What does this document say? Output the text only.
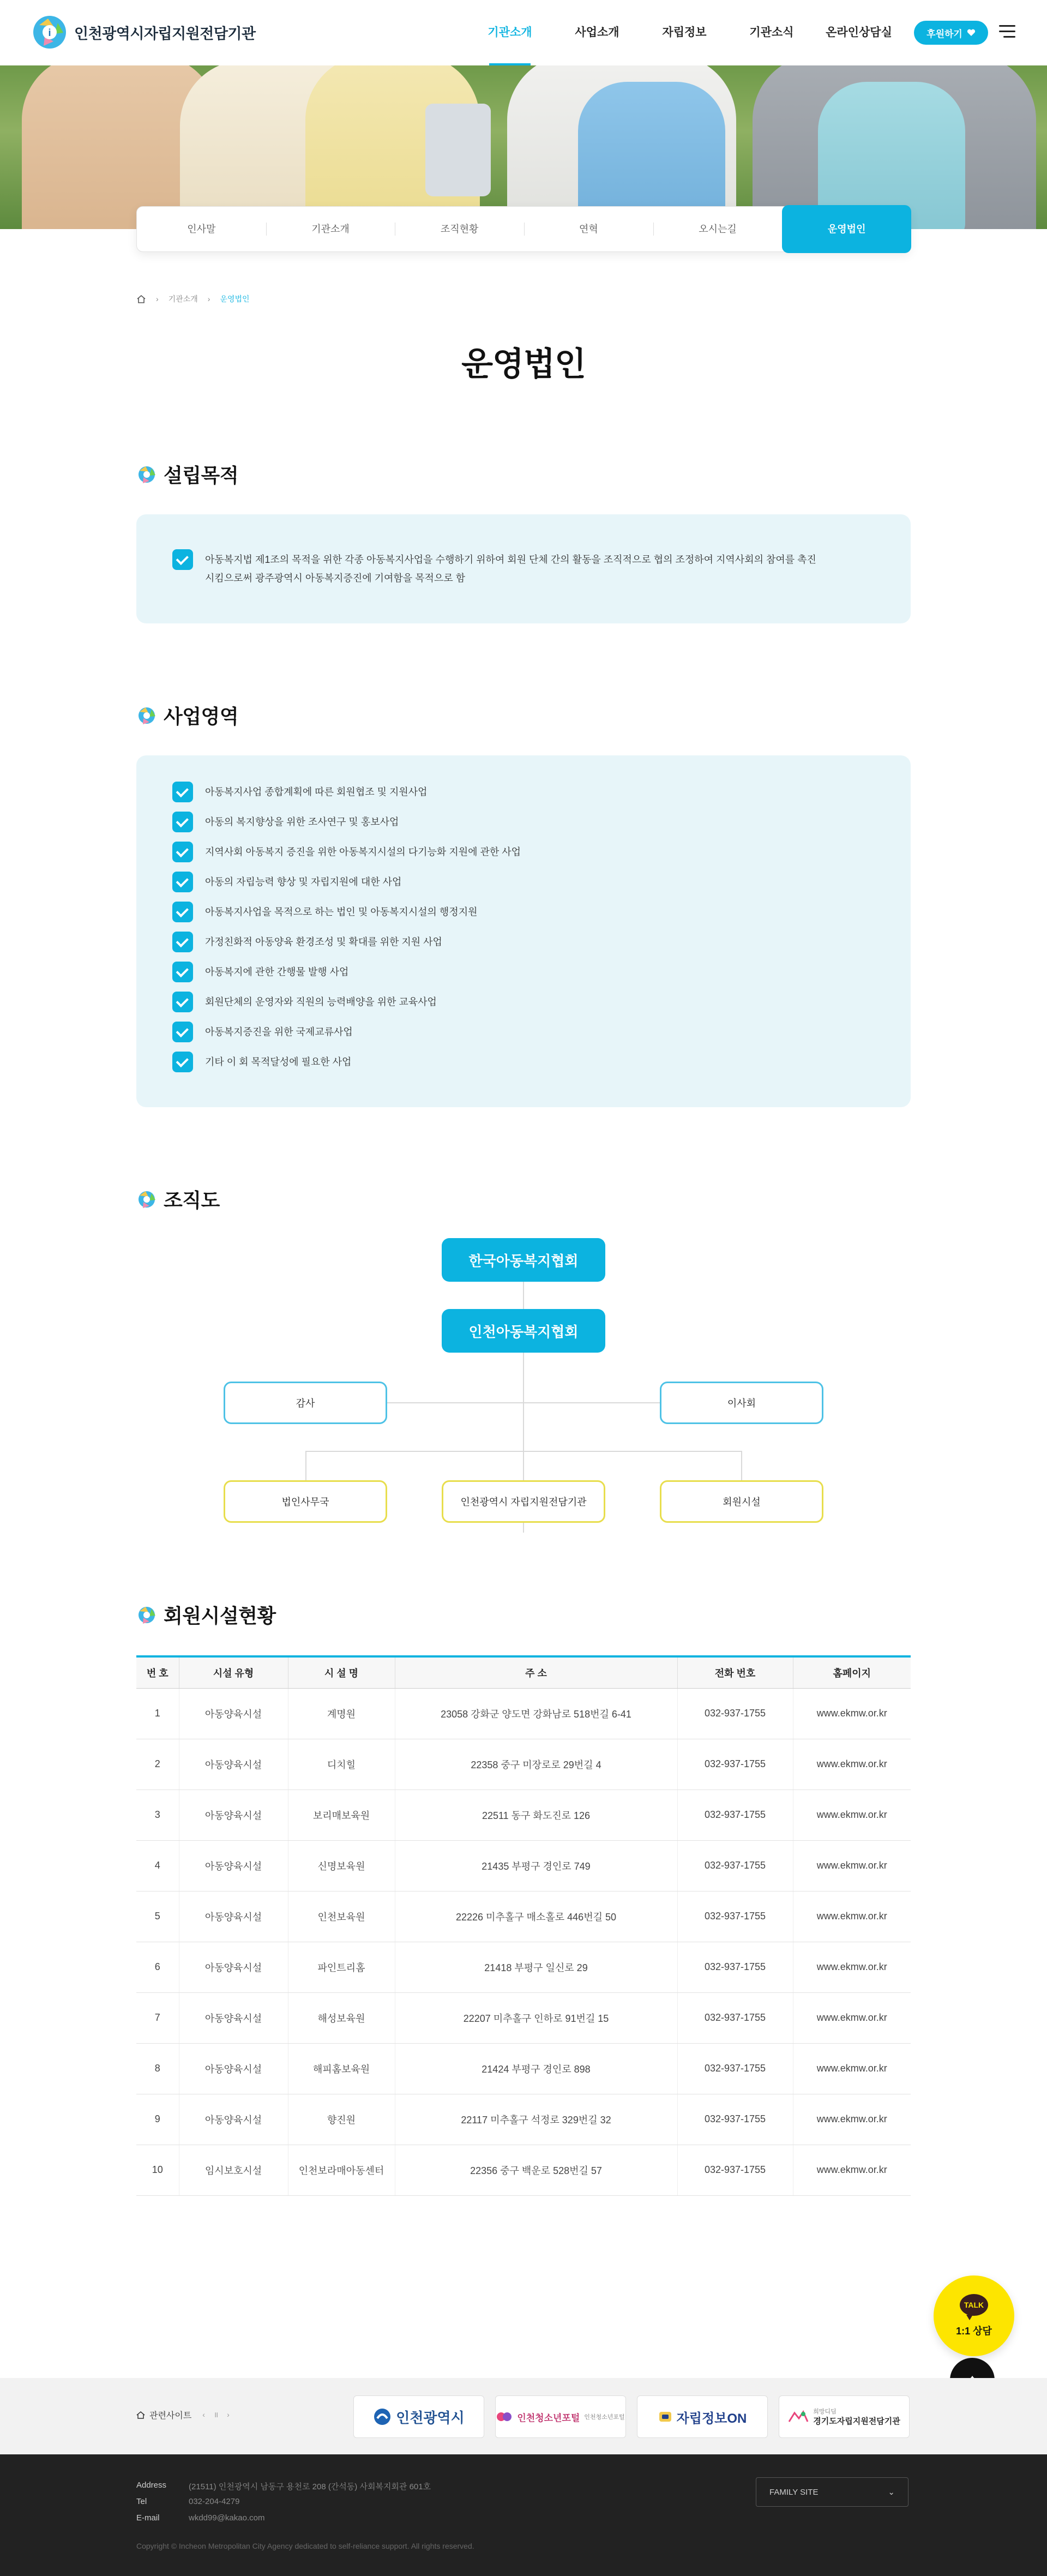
i 인천광역시자립지원전담기관	기관소개	사업소개	자립정보	기관소식	온라인상담실	후원하기
인사말	기관소개	조직현황	연혁	오시는길	운영법인
› 기관소개 › 운영법인
운영법인
설립목적
아동복지법 제1조의 목적을 위한 각종 아동복지사업을 수행하기 위하여 회원 단체 간의 활동을 조직적으로 협의 조정하여 지역사회의 참여를 촉진
시킴으로써 광주광역시 아동복지증진에 기여함을 목적으로 함
사업영역
아동복지사업 종합계획에 따른 회원협조 및 지원사업
아동의 복지향상을 위한 조사연구 및 홍보사업
지역사회 아동복지 증진을 위한 아동복지시설의 다기능화 지원에 관한 사업
아동의 자립능력 향상 및 자립지원에 대한 사업
아동복지사업을 목적으로 하는 법인 및 아동복지시설의 행정지원
가정친화적 아동양육 환경조성 및 확대를 위한 지원 사업
아동복지에 관한 간행물 발행 사업
회원단체의 운영자와 직원의 능력배양을 위한 교육사업
아동복지증진을 위한 국제교류사업
기타 이 회 목적달성에 필요한 사업
조직도
한국아동복지협회
인천아동복지협회
감사	이사회
법인사무국	인천광역시 자립지원전담기관	회원시설
회원시설현황
번 호	시설 유형	시 설 명	주 소	전화 번호	홈페이지
1	아동양육시설	계명원	23058 강화군 양도면 강화남로 518번길 6-41	032-937-1755	www.ekmw.or.kr
2	아동양육시설	디치힐	22358 중구 미장로로 29번길 4	032-937-1755	www.ekmw.or.kr
3	아동양육시설	보리매보육원	22511 동구 화도진로 126	032-937-1755	www.ekmw.or.kr
4	아동양육시설	신명보육원	21435 부평구 경인로 749	032-937-1755	www.ekmw.or.kr
5	아동양육시설	인천보육원	22226 미추홀구 매소홀로 446번길 50	032-937-1755	www.ekmw.or.kr
6	아동양육시설	파인트리홈	21418 부평구 일신로 29	032-937-1755	www.ekmw.or.kr
7	아동양육시설	해성보육원	22207 미추홀구 인하로 91번길 15	032-937-1755	www.ekmw.or.kr
8	아동양육시설	해피홈보육원	21424 부평구 경인로 898	032-937-1755	www.ekmw.or.kr
9	아동양육시설	향진원	22117 미추홀구 석정로 329번길 32	032-937-1755	www.ekmw.or.kr
10	임시보호시설	인천보라매아동센터	22356 중구 백운로 528번길 57	032-937-1755	www.ekmw.or.kr
TALK
1:1 상담
관련사이트 ‹ ॥ ›	인천광역시	인천청소년포털 인천청소년포털	자립정보ON	희망디딤
경기도자립지원전담기관
Address	(21511) 인천광역시 남동구 용천로 208 (간석동) 사회복지회관 601호
Tel	032-204-4279
E-mail	wkdd99@kakao.com
Copyright © Incheon Metropolitan City Agency dedicated to self-reliance support. All rights reserved.
FAMILY SITE	⌄
